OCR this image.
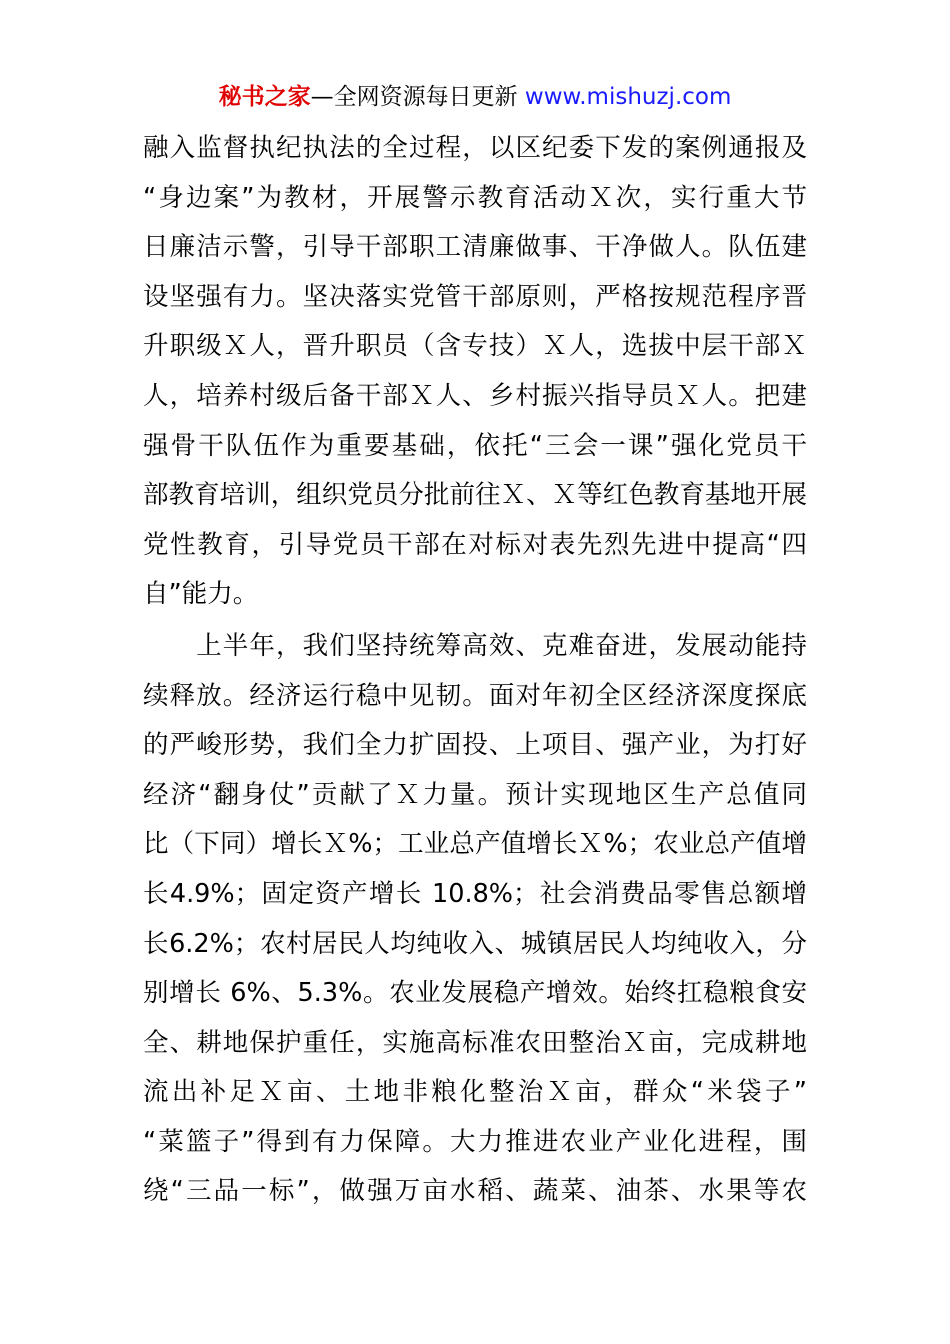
秘书之家—全网资源每日更新 www.mishuzj.com
融入监督执纪执法的全过程，以区纪委下发的案例通报及
“身边案”为教材，开展警示教育活动Ｘ次，实行重大节
日廉洁示警，引导干部职工清廉做事、干净做人。队伍建
设坚强有力。坚决落实党管干部原则，严格按规范程序晋
升职级Ｘ人，晋升职员（含专技）Ｘ人，选拔中层干部Ｘ
人，培养村级后备干部Ｘ人、乡村振兴指导员Ｘ人。把建
强骨干队伍作为重要基础，依托“三会一课”强化党员干
部教育培训，组织党员分批前往Ｘ、Ｘ等红色教育基地开展
党性教育，引导党员干部在对标对表先烈先进中提高“四
自”能力。
　　上半年，我们坚持统筹高效、克难奋进，发展动能持
续释放。经济运行稳中见韧。面对年初全区经济深度探底
的严峻形势，我们全力扩固投、上项目、强产业，为打好
经济“翻身仗”贡献了Ｘ力量。预计实现地区生产总值同
比（下同）增长Ｘ%；工业总产值增长Ｘ%；农业总产值增
长4.9%；固定资产增长 10.8%；社会消费品零售总额增
长6.2%；农村居民人均纯收入、城镇居民人均纯收入，分
别增长 6%、5.3%。农业发展稳产增效。始终扛稳粮食安
全、耕地保护重任，实施高标准农田整治Ｘ亩，完成耕地
流出补足Ｘ亩、土地非粮化整治Ｘ亩，群众“米袋子”
“菜篮子”得到有力保障。大力推进农业产业化进程，围
绕“三品一标”，做强万亩水稻、蔬菜、油茶、水果等农
